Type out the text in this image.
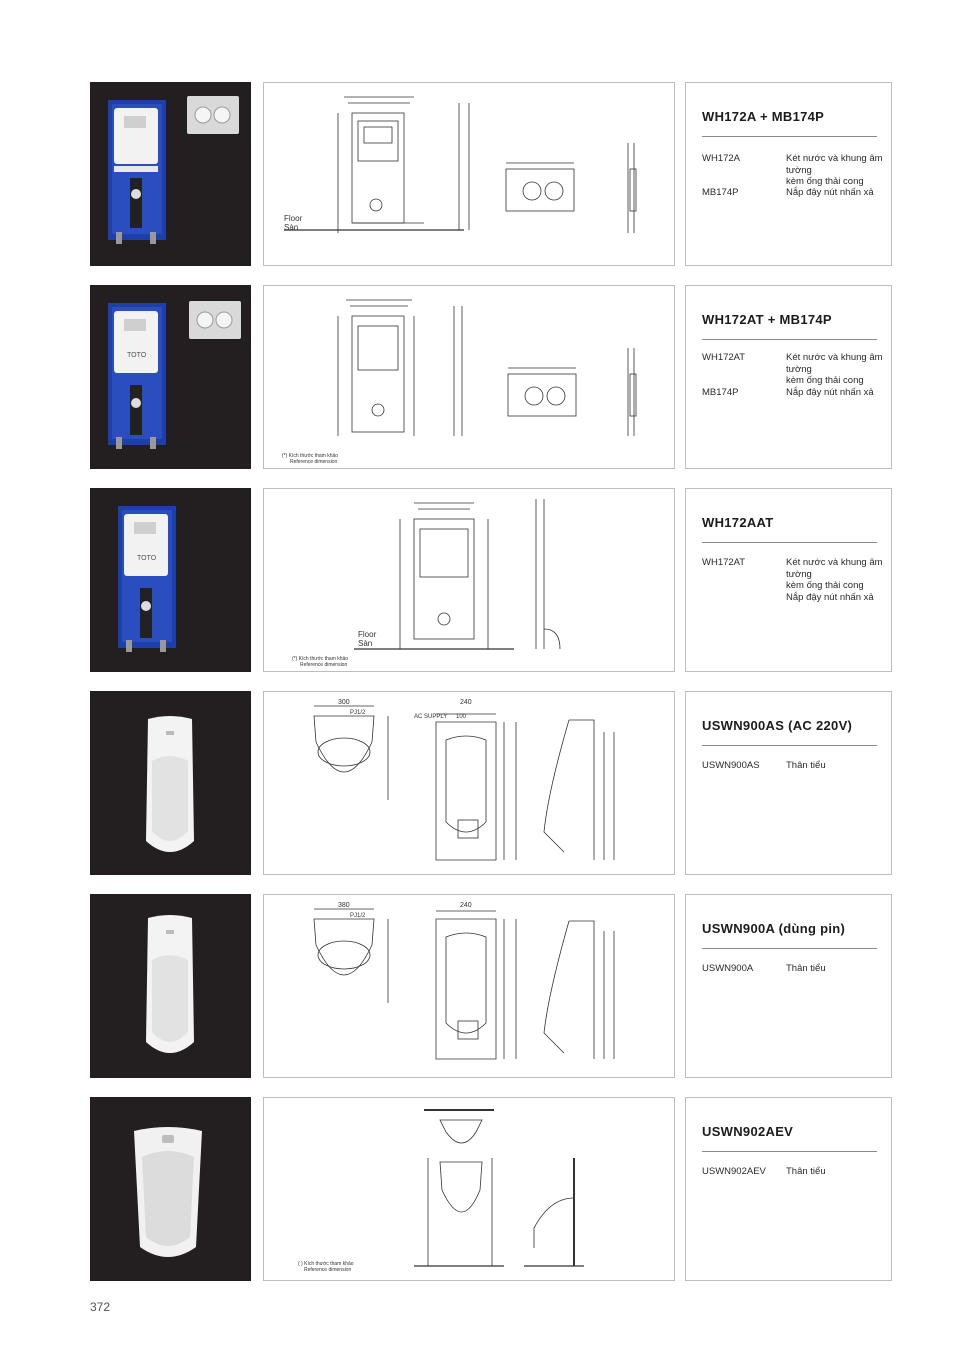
Floor
Sàn
WH172A + MB174P
WH172A	Két nước và khung âm tường
kèm ống thải cong
MB174P	Nắp đậy nút nhấn xả
TOTO
(*) Kích thước tham khảo
Reference dimension
WH172AT + MB174P
WH172AT	Két nước và khung âm tường
kèm ống thải cong
MB174P	Nắp đậy nút nhấn xả
TOTO
Floor
Sàn
(*) Kích thước tham khảo
Reference dimension
WH172AAT
WH172AT	Két nước và khung âm tường
kèm ống thải cong
Nắp đậy nút nhấn xả
300
PJ1/2
AC SUPPLY
240
100
USWN900AS (AC 220V)
USWN900AS	Thân tiểu
380
PJ1/2
240
USWN900A (dùng pin)
USWN900A	Thân tiểu
( ) Kích thước tham khảo
Reference dimension
USWN902AEV
USWN902AEV	Thân tiểu
372
